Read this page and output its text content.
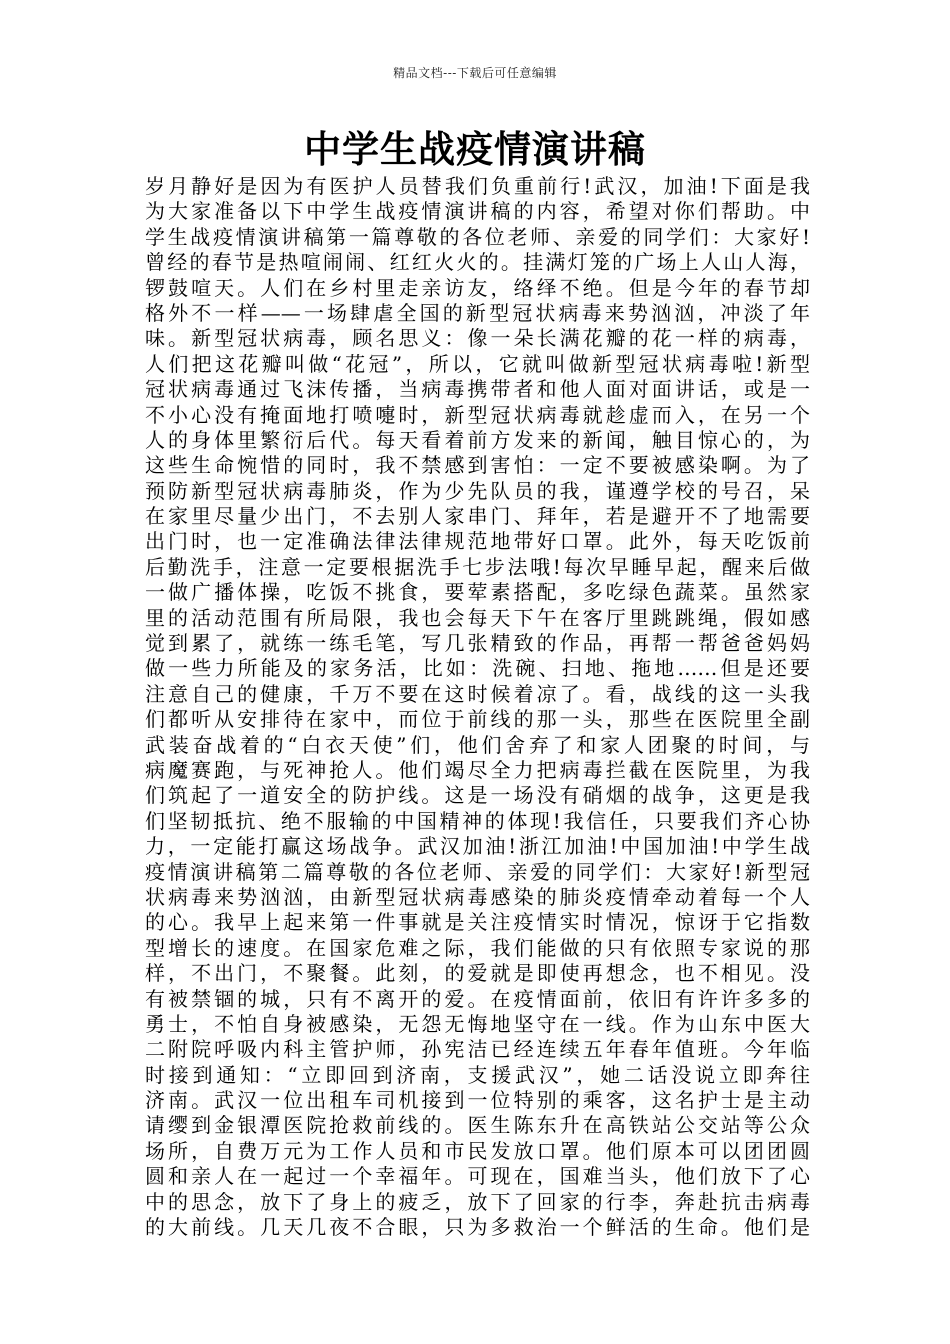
精品文档---下载后可任意编辑
中学生战疫情演讲稿
岁月静好是因为有医护人员替我们负重前行!武汉，加油!下面是我
为大家准备以下中学生战疫情演讲稿的内容，希望对你们帮助。中
学生战疫情演讲稿第一篇尊敬的各位老师、亲爱的同学们：大家好!
曾经的春节是热喧闹闹、红红火火的。挂满灯笼的广场上人山人海，
锣鼓喧天。人们在乡村里走亲访友，络绎不绝。但是今年的春节却
格外不一样——一场肆虐全国的新型冠状病毒来势汹汹，冲淡了年
味。新型冠状病毒，顾名思义：像一朵长满花瓣的花一样的病毒，
人们把这花瓣叫做“花冠”，所以，它就叫做新型冠状病毒啦!新型
冠状病毒通过飞沫传播，当病毒携带者和他人面对面讲话，或是一
不小心没有掩面地打喷嚏时，新型冠状病毒就趁虚而入，在另一个
人的身体里繁衍后代。每天看着前方发来的新闻，触目惊心的，为
这些生命惋惜的同时，我不禁感到害怕：一定不要被感染啊。为了
预防新型冠状病毒肺炎，作为少先队员的我，谨遵学校的号召，呆
在家里尽量少出门，不去别人家串门、拜年，若是避开不了地需要
出门时，也一定准确法律法律规范地带好口罩。此外，每天吃饭前
后勤洗手，注意一定要根据洗手七步法哦!每次早睡早起，醒来后做
一做广播体操，吃饭不挑食，要荤素搭配，多吃绿色蔬菜。虽然家
里的活动范围有所局限，我也会每天下午在客厅里跳跳绳，假如感
觉到累了，就练一练毛笔，写几张精致的作品，再帮一帮爸爸妈妈
做一些力所能及的家务活，比如：洗碗、扫地、拖地……但是还要
注意自己的健康，千万不要在这时候着凉了。看，战线的这一头我
们都听从安排待在家中，而位于前线的那一头，那些在医院里全副
武装奋战着的“白衣天使”们，他们舍弃了和家人团聚的时间，与
病魔赛跑，与死神抢人。他们竭尽全力把病毒拦截在医院里，为我
们筑起了一道安全的防护线。这是一场没有硝烟的战争，这更是我
们坚韧抵抗、绝不服输的中国精神的体现!我信任，只要我们齐心协
力，一定能打赢这场战争。武汉加油!浙江加油!中国加油!中学生战
疫情演讲稿第二篇尊敬的各位老师、亲爱的同学们：大家好!新型冠
状病毒来势汹汹，由新型冠状病毒感染的肺炎疫情牵动着每一个人
的心。我早上起来第一件事就是关注疫情实时情况，惊讶于它指数
型增长的速度。在国家危难之际，我们能做的只有依照专家说的那
样，不出门，不聚餐。此刻，的爱就是即使再想念，也不相见。没
有被禁锢的城，只有不离开的爱。在疫情面前，依旧有许许多多的
勇士，不怕自身被感染，无怨无悔地坚守在一线。作为山东中医大
二附院呼吸内科主管护师，孙宪洁已经连续五年春年值班。今年临
时接到通知：“立即回到济南，支援武汉”，她二话没说立即奔往
济南。武汉一位出租车司机接到一位特别的乘客，这名护士是主动
请缨到金银潭医院抢救前线的。医生陈东升在高铁站公交站等公众
场所，自费万元为工作人员和市民发放口罩。他们原本可以团团圆
圆和亲人在一起过一个幸福年。可现在，国难当头，他们放下了心
中的思念，放下了身上的疲乏，放下了回家的行李，奔赴抗击病毒
的大前线。几天几夜不合眼，只为多救治一个鲜活的生命。他们是
